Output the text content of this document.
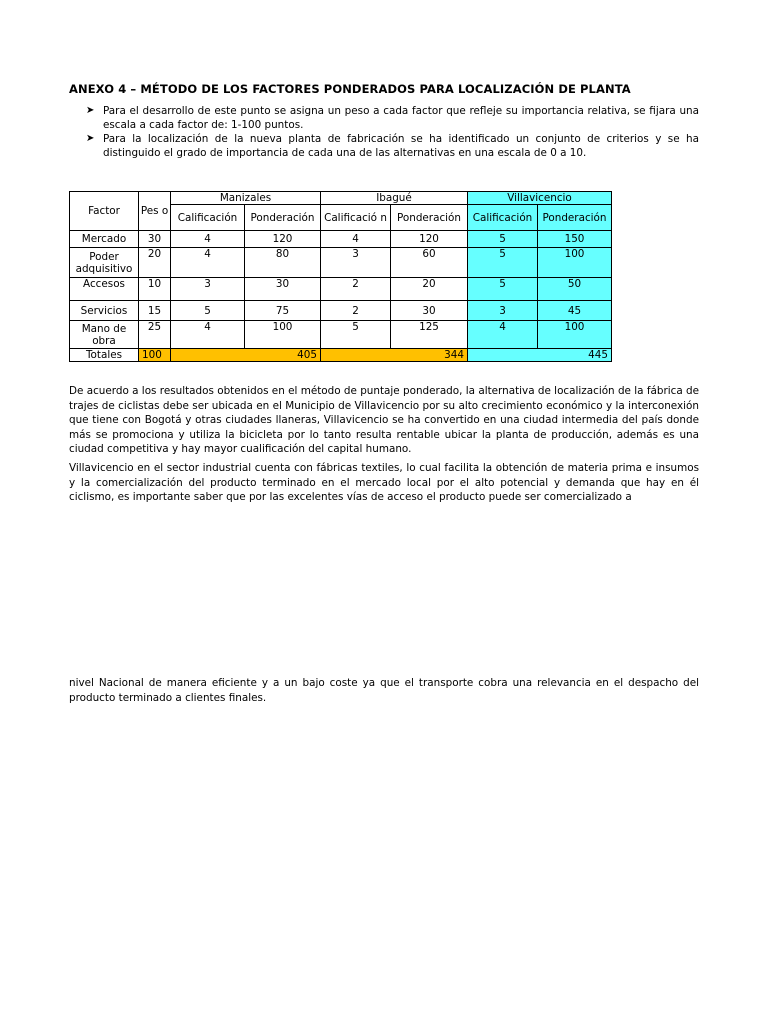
ANEXO 4 – MÉTODO DE LOS FACTORES PONDERADOS PARA LOCALIZACIÓN DE PLANTA
➤ Para el desarrollo de este punto se asigna un peso a cada factor que refleje su importancia relativa, se fijara una escala a cada factor de: 1-100 puntos.
➤ Para la localización de la nueva planta de fabricación se ha identificado un conjunto de criterios y se ha distinguido el grado de importancia de cada una de las alternativas en una escala de 0 a 10.
Factor	Pes o	Manizales		Ibagué		Villavicencio	
		Calificación	Ponderación	Calificació n	Ponderación	Calificación	Ponderación
Mercado	30	4	120	4	120	5	150
Poder adquisitivo	20	4	80	3	60	5	100
Accesos	10	3	30	2	20	5	50
Servicios	15	5	75	2	30	3	45
Mano de obra	25	4	100	5	125	4	100
Totales	100	405		344		445	

De acuerdo a los resultados obtenidos en el método de puntaje ponderado, la alternativa de localización de la fábrica de trajes de ciclistas debe ser ubicada en el Municipio de Villavicencio por su alto crecimiento económico y la interconexión que tiene con Bogotá y otras ciudades llaneras, Villavicencio se ha convertido en una ciudad intermedia del país donde más se promociona y utiliza la bicicleta por lo tanto resulta rentable ubicar la planta de producción, además es una ciudad competitiva y hay mayor cualificación del capital humano.

Villavicencio en el sector industrial cuenta con fábricas textiles, lo cual facilita la obtención de materia prima e insumos y la comercialización del producto terminado en el mercado local por el alto potencial y demanda que hay en él ciclismo, es importante saber que por las excelentes vías de acceso el producto puede ser comercializado a

nivel Nacional de manera eficiente y a un bajo coste ya que el transporte cobra una relevancia en el despacho del producto terminado a clientes finales.
